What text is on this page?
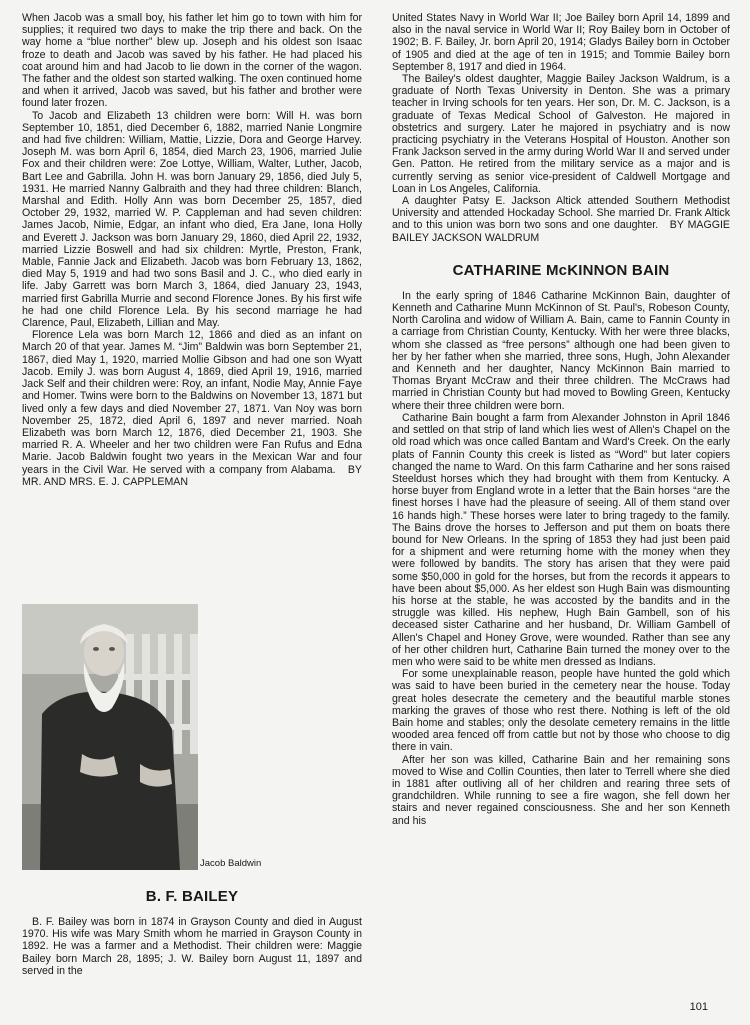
When Jacob was a small boy, his father let him go to town with him for supplies; it required two days to make the trip there and back. On the way home a “blue norther” blew up. Joseph and his oldest son Isaac froze to death and Jacob was saved by his father. He had placed his coat around him and had Jacob to lie down in the corner of the wagon. The father and the oldest son started walking. The oxen continued home and when it arrived, Jacob was saved, but his father and brother were found later frozen.

To Jacob and Elizabeth 13 children were born: Will H. was born September 10, 1851, died December 6, 1882, married Nanie Longmire and had five children: William, Mattie, Lizzie, Dora and George Harvey. Joseph M. was born April 6, 1854, died March 23, 1906, married Julie Fox and their children were: Zoe Lottye, William, Walter, Luther, Jacob, Bart Lee and Gabrilla. John H. was born January 29, 1856, died July 5, 1931. He married Nanny Galbraith and they had three children: Blanch, Marshal and Edith. Holly Ann was born December 25, 1857, died October 29, 1932, married W. P. Cappleman and had seven children: James Jacob, Nimie, Edgar, an infant who died, Era Jane, Iona Holly and Everett J. Jackson was born January 29, 1860, died April 22, 1932, married Lizzie Boswell and had six children: Myrtle, Preston, Frank, Mable, Fannie Jack and Elizabeth. Jacob was born February 13, 1862, died May 5, 1919 and had two sons Basil and J. C., who died early in life. Jaby Garrett was born March 3, 1864, died January 23, 1943, married first Gabrilla Murrie and second Florence Jones. By his first wife he had one child Florence Lela. By his second marriage he had Clarence, Paul, Elizabeth, Lillian and May.

Florence Lela was born March 12, 1866 and died as an infant on March 20 of that year. James M. “Jim” Baldwin was born September 21, 1867, died May 1, 1920, married Mollie Gibson and had one son Wyatt Jacob. Emily J. was born August 4, 1869, died April 19, 1916, married Jack Self and their children were: Roy, an infant, Nodie May, Annie Faye and Homer. Twins were born to the Baldwins on November 13, 1871 but lived only a few days and died November 27, 1871. Van Noy was born November 25, 1872, died April 6, 1897 and never married. Noah Elizabeth was born March 12, 1876, died December 21, 1903. She married R. A. Wheeler and her two children were Fan Rufus and Edna Marie. Jacob Baldwin fought two years in the Mexican War and four years in the Civil War. He served with a company from Alabama. BY MR. AND MRS. E. J. CAPPLEMAN

Jacob Baldwin
B. F. BAILEY

B. F. Bailey was born in 1874 in Grayson County and died in August 1970. His wife was Mary Smith whom he married in Grayson County in 1892. He was a farmer and a Methodist. Their children were: Maggie Bailey born March 28, 1895; J. W. Bailey born August 11, 1897 and served in the

United States Navy in World War II; Joe Bailey born April 14, 1899 and also in the naval service in World War II; Roy Bailey born in October of 1902; B. F. Bailey, Jr. born April 20, 1914; Gladys Bailey born in October of 1905 and died at the age of ten in 1915; and Tommie Bailey born September 8, 1917 and died in 1964.

The Bailey's oldest daughter, Maggie Bailey Jackson Waldrum, is a graduate of North Texas University in Denton. She was a primary teacher in Irving schools for ten years. Her son, Dr. M. C. Jackson, is a graduate of Texas Medical School of Galveston. He majored in obstetrics and surgery. Later he majored in psychiatry and is now practicing psychiatry in the Veterans Hospital of Houston. Another son Frank Jackson served in the army during World War II and served under Gen. Patton. He retired from the military service as a major and is currently serving as senior vice-president of Caldwell Mortgage and Loan in Los Angeles, California.

A daughter Patsy E. Jackson Altick attended Southern Methodist University and attended Hockaday School. She married Dr. Frank Altick and to this union was born two sons and one daughter. BY MAGGIE BAILEY JACKSON WALDRUM

CATHARINE McKINNON BAIN

In the early spring of 1846 Catharine McKinnon Bain, daughter of Kenneth and Catharine Munn McKinnon of St. Paul's, Robeson County, North Carolina and widow of William A. Bain, came to Fannin County in a carriage from Christian County, Kentucky. With her were three blacks, whom she classed as “free persons” although one had been given to her by her father when she married, three sons, Hugh, John Alexander and Kenneth and her daughter, Nancy McKinnon Bain married to Thomas Bryant McCraw and their three children. The McCraws had married in Christian County but had moved to Bowling Green, Kentucky where their three children were born.

Catharine Bain bought a farm from Alexander Johnston in April 1846 and settled on that strip of land which lies west of Allen's Chapel on the old road which was once called Bantam and Ward's Creek. On the early plats of Fannin County this creek is listed as “Word” but later copiers changed the name to Ward. On this farm Catharine and her sons raised Steeldust horses which they had brought with them from Kentucky. A horse buyer from England wrote in a letter that the Bain horses “are the finest horses I have had the pleasure of seeing. All of them stand over 16 hands high.” These horses were later to bring tragedy to the family. The Bains drove the horses to Jefferson and put them on boats there bound for New Orleans. In the spring of 1853 they had just been paid for a shipment and were returning home with the money when they were followed by bandits. The story has arisen that they were paid some $50,000 in gold for the horses, but from the records it appears to have been about $5,000. As her eldest son Hugh Bain was dismounting his horse at the stable, he was accosted by the bandits and in the struggle was killed. His nephew, Hugh Bain Gambell, son of his deceased sister Catharine and her husband, Dr. William Gambell of Allen's Chapel and Honey Grove, were wounded. Rather than see any of her other children hurt, Catharine Bain turned the money over to the men who were said to be white men dressed as Indians.

For some unexplainable reason, people have hunted the gold which was said to have been buried in the cemetery near the house. Today great holes desecrate the cemetery and the beautiful marble stones marking the graves of those who rest there. Nothing is left of the old Bain home and stables; only the desolate cemetery remains in the little wooded area fenced off from cattle but not by those who choose to dig there in vain.

After her son was killed, Catharine Bain and her remaining sons moved to Wise and Collin Counties, then later to Terrell where she died in 1881 after outliving all of her children and rearing three sets of grandchildren. While running to see a fire wagon, she fell down her stairs and never regained consciousness. She and her son Kenneth and his

101
